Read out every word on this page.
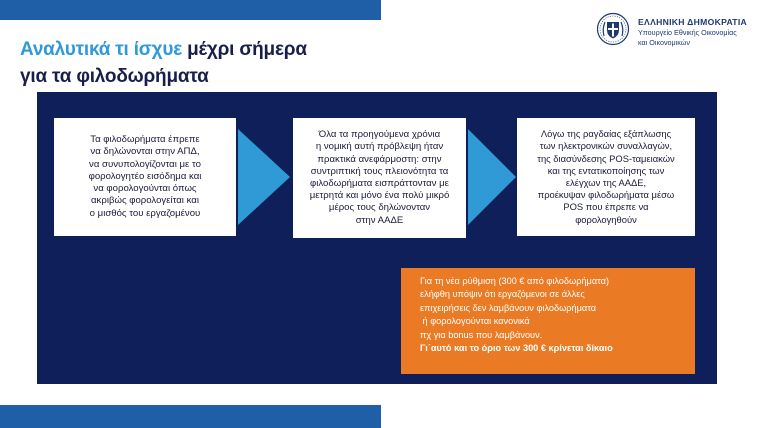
Αναλυτικά τι ίσχυε μέχρι σήμερα
για τα φιλοδωρήματα
ΕΛΛΗΝΙΚΗ ΔΗΜΟΚΡΑΤΙΑ
Υπουργείο Εθνικής Οικονομίας
και Οικονομικών
Τα φιλοδωρήματα έπρεπε
να δηλώνονται στην ΑΠΔ,
να συνυπολογίζονται με το
φορολογητέο εισόδημα και
να φορολογούνται όπως
ακριβώς φορολογείται και
ο μισθός του εργαζομένου
Όλα τα προηγούμενα χρόνια
η νομική αυτή πρόβλεψη ήταν
πρακτικά ανεφάρμοστη: στην
συντριπτική τους πλειονότητα τα
φιλοδωρήματα εισπράττονταν με
μετρητά και μόνο ένα πολύ μικρό
μέρος τους δηλώνονταν
στην ΑΑΔΕ
Λόγω της ραγδαίας εξάπλωσης
των ηλεκτρονικών συναλλαγών,
της διασύνδεσης POS-ταμειακών
και της εντατικοποίησης των
ελέγχων της ΑΑΔΕ,
προέκυψαν φιλοδωρήματα μέσω
POS που έπρεπε να
φορολογηθούν
Για τη νέα ρύθμιση (300 € από φιλοδωρήματα)
ελήφθη υπόψιν ότι εργαζόμενοι σε άλλες
επιχειρήσεις δεν λαμβάνουν φιλοδωρήματα
ή φορολογούνται κανονικά
πχ για bonus που λαμβάνουν.
Γι΄αυτό και το όριο των 300 € κρίνεται δίκαιο
